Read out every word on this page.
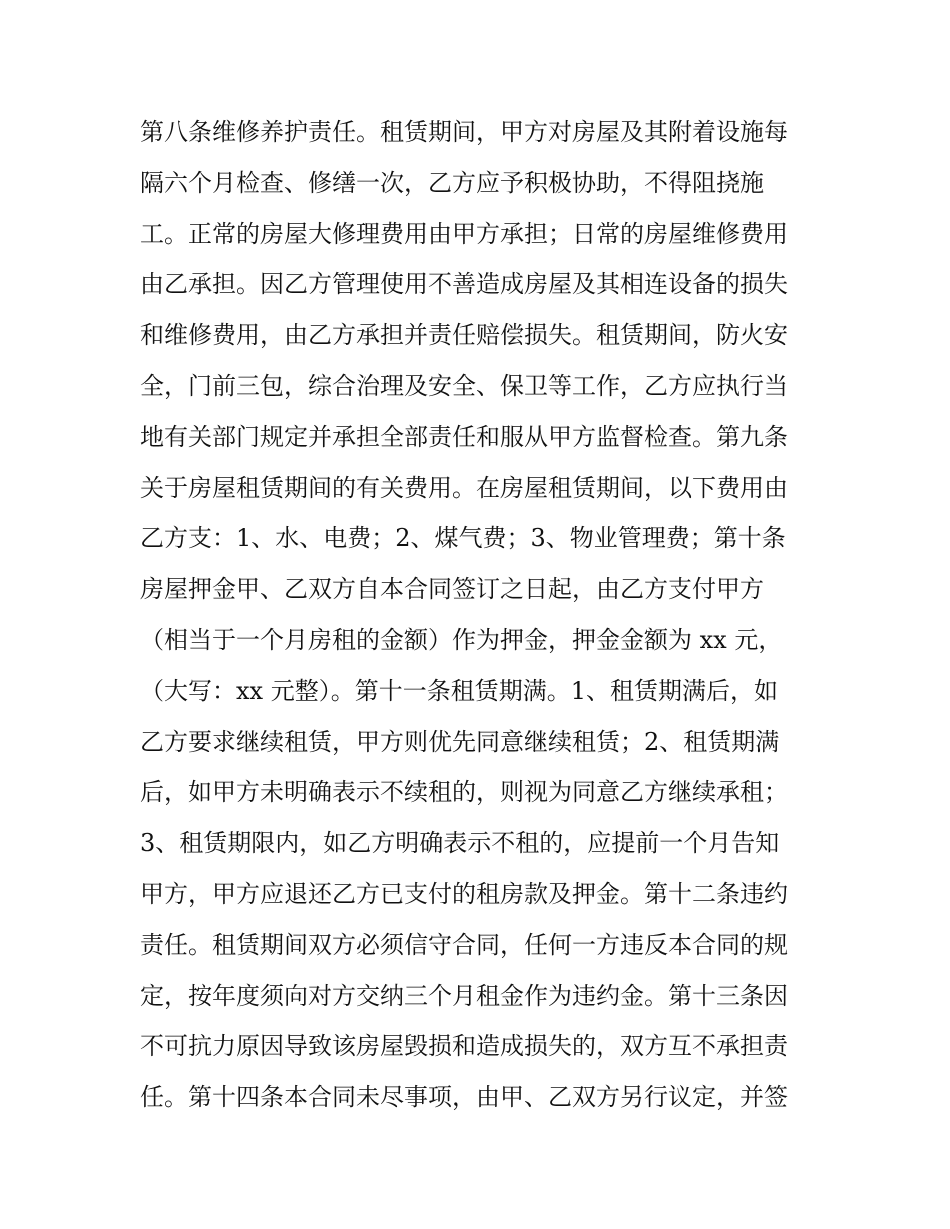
第八条维修养护责任。租赁期间，甲方对房屋及其附着设施每
隔六个月检查、修缮一次，乙方应予积极协助，不得阻挠施
工。正常的房屋大修理费用由甲方承担；日常的房屋维修费用
由乙承担。因乙方管理使用不善造成房屋及其相连设备的损失
和维修费用，由乙方承担并责任赔偿损失。租赁期间，防火安
全，门前三包，综合治理及安全、保卫等工作，乙方应执行当
地有关部门规定并承担全部责任和服从甲方监督检查。第九条
关于房屋租赁期间的有关费用。在房屋租赁期间，以下费用由
乙方支：1、水、电费；2、煤气费；3、物业管理费；第十条
房屋押金甲、乙双方自本合同签订之日起，由乙方支付甲方
（相当于一个月房租的金额）作为押金，押金金额为 xx 元，
（大写：xx 元整）。第十一条租赁期满。1、租赁期满后，如
乙方要求继续租赁，甲方则优先同意继续租赁；2、租赁期满
后，如甲方未明确表示不续租的，则视为同意乙方继续承租；
3、租赁期限内，如乙方明确表示不租的，应提前一个月告知
甲方，甲方应退还乙方已支付的租房款及押金。第十二条违约
责任。租赁期间双方必须信守合同，任何一方违反本合同的规
定，按年度须向对方交纳三个月租金作为违约金。第十三条因
不可抗力原因导致该房屋毁损和造成损失的，双方互不承担责
任。第十四条本合同未尽事项，由甲、乙双方另行议定，并签
